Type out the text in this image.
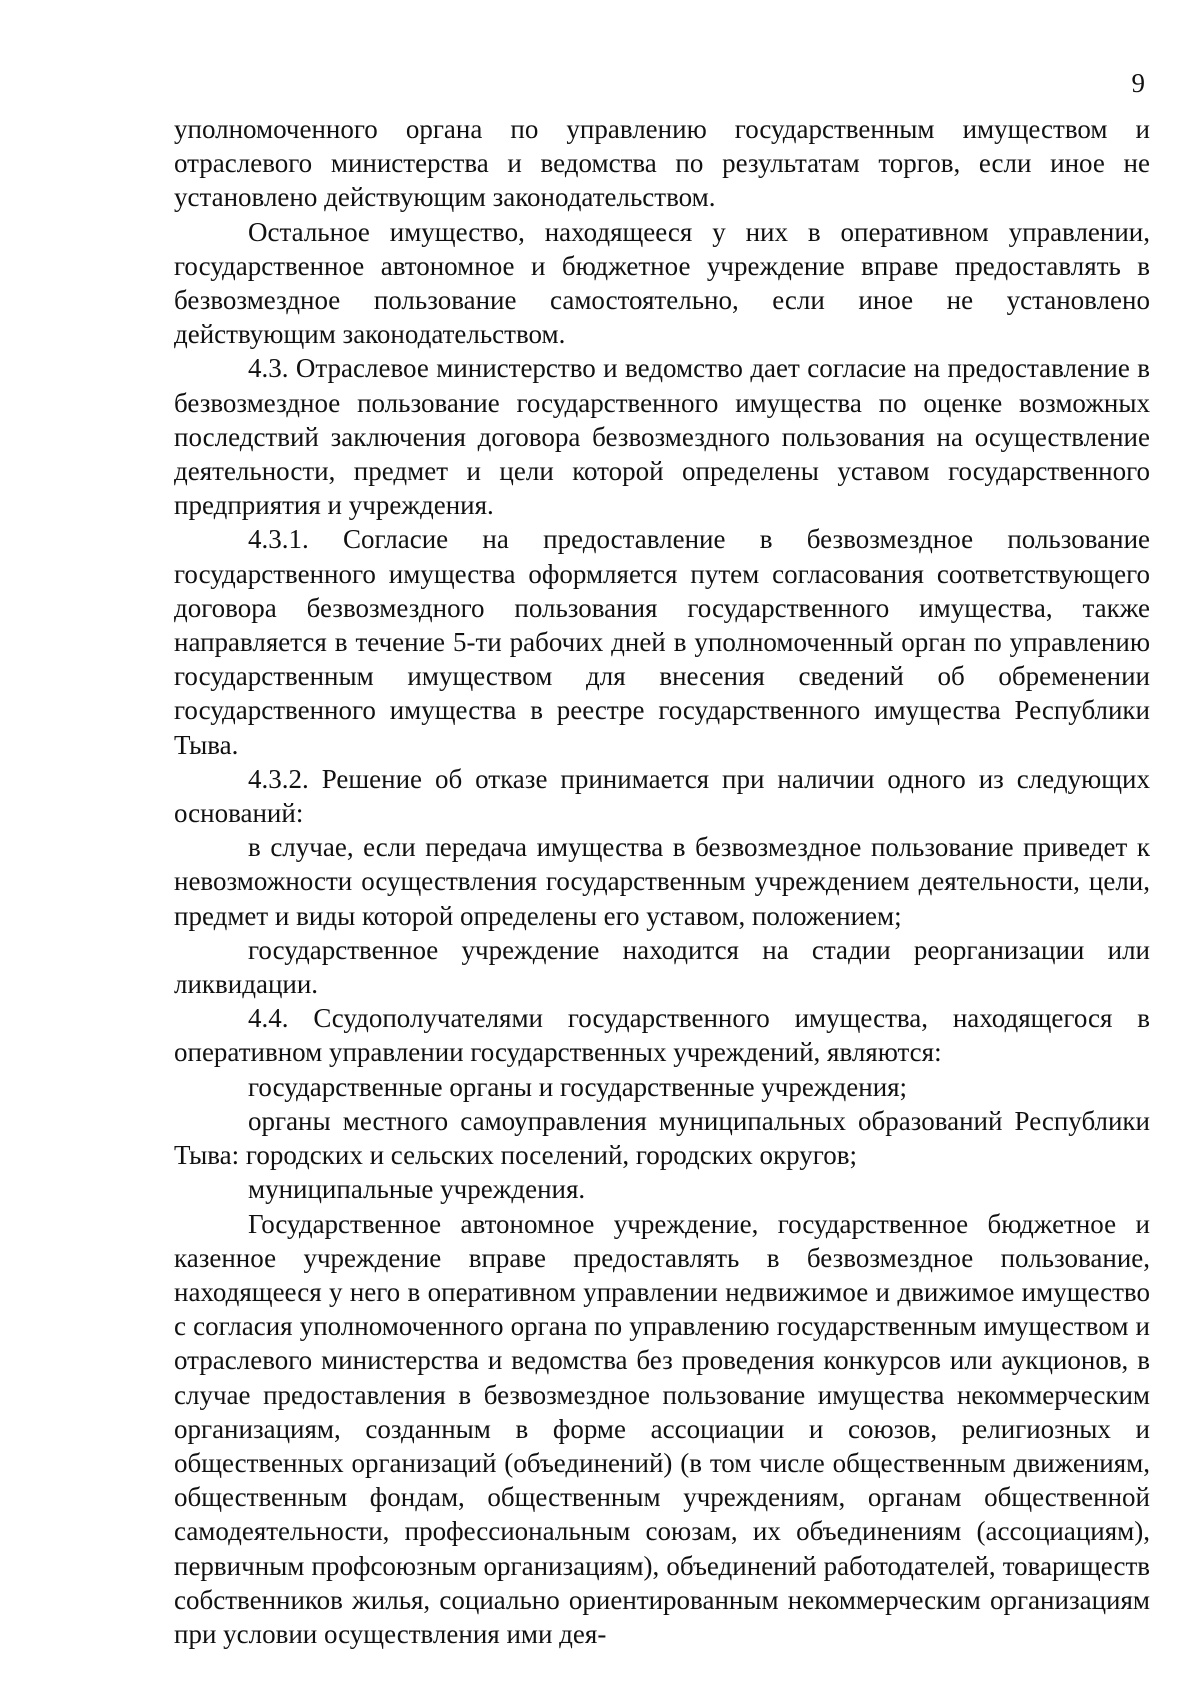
9

уполномоченного органа по управлению государственным имуществом и отраслевого министерства и ведомства по результатам торгов, если иное не установлено действующим законодательством.

Остальное имущество, находящееся у них в оперативном управлении, государственное автономное и бюджетное учреждение вправе предоставлять в безвозмездное пользование самостоятельно, если иное не установлено действующим законодательством.

4.3. Отраслевое министерство и ведомство дает согласие на предоставление в безвозмездное пользование государственного имущества по оценке возможных последствий заключения договора безвозмездного пользования на осуществление деятельности, предмет и цели которой определены уставом государственного предприятия и учреждения.

4.3.1. Согласие на предоставление в безвозмездное пользование государственного имущества оформляется путем согласования соответствующего договора безвозмездного пользования государственного имущества, также направляется в течение 5-ти рабочих дней в уполномоченный орган по управлению государственным имуществом для внесения сведений об обременении государственного имущества в реестре государственного имущества Республики Тыва.

4.3.2. Решение об отказе принимается при наличии одного из следующих оснований:

в случае, если передача имущества в безвозмездное пользование приведет к невозможности осуществления государственным учреждением деятельности, цели, предмет и виды которой определены его уставом, положением;

государственное учреждение находится на стадии реорганизации или ликвидации.

4.4. Ссудополучателями государственного имущества, находящегося в оперативном управлении государственных учреждений, являются:

государственные органы и государственные учреждения;

органы местного самоуправления муниципальных образований Республики Тыва: городских и сельских поселений, городских округов;

муниципальные учреждения.

Государственное автономное учреждение, государственное бюджетное и казенное учреждение вправе предоставлять в безвозмездное пользование, находящееся у него в оперативном управлении недвижимое и движимое имущество с согласия уполномоченного органа по управлению государственным имуществом и отраслевого министерства и ведомства без проведения конкурсов или аукционов, в случае предоставления в безвозмездное пользование имущества некоммерческим организациям, созданным в форме ассоциации и союзов, религиозных и общественных организаций (объединений) (в том числе общественным движениям, общественным фондам, общественным учреждениям, органам общественной самодеятельности, профессиональным союзам, их объединениям (ассоциациям), первичным профсоюзным организациям), объединений работодателей, товариществ собственников жилья, социально ориентированным некоммерческим организациям при условии осуществления ими дея-
